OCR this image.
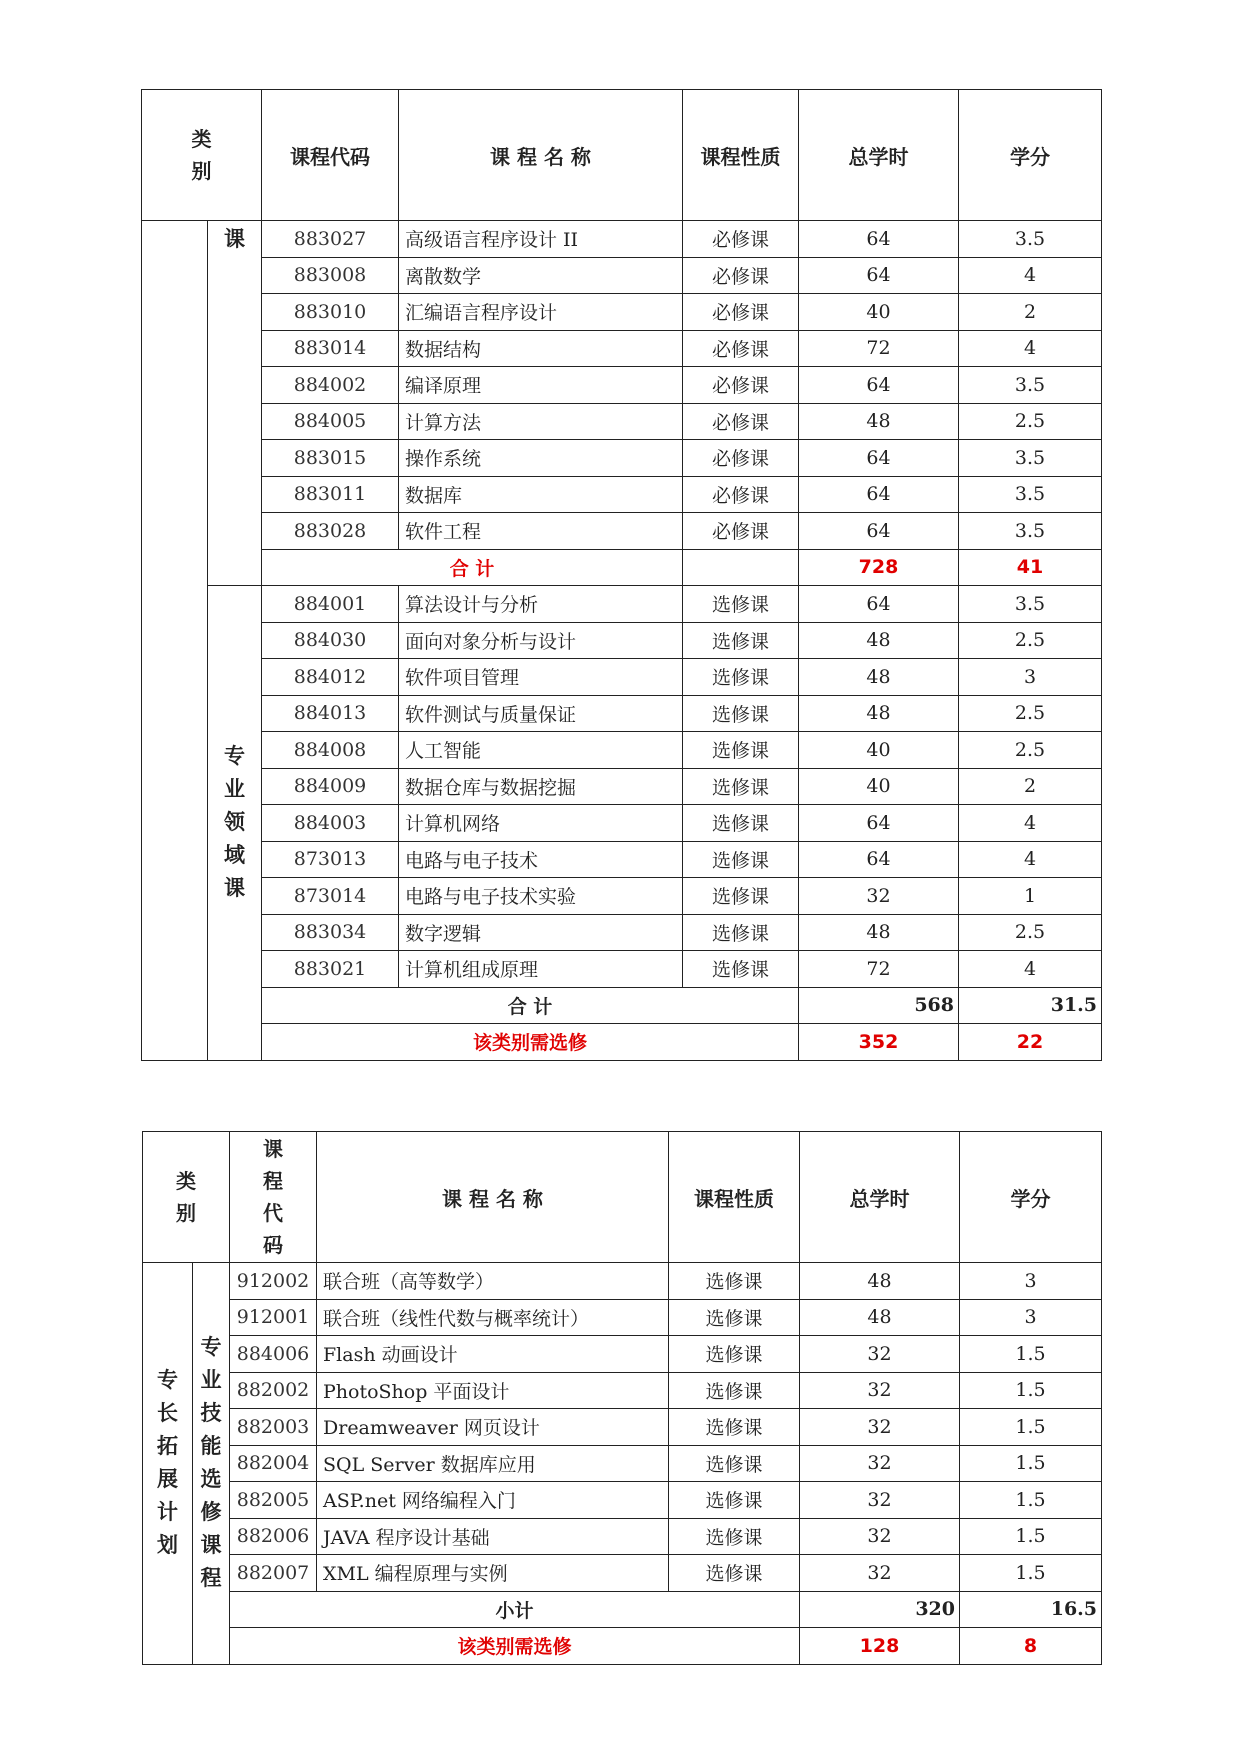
类别		课程代码	课 程 名 称	课程性质	总学时	学分
	课	883027	高级语言程序设计 II	必修课	64	3.5
		883008	离散数学	必修课	64	4
		883010	汇编语言程序设计	必修课	40	2
		883014	数据结构	必修课	72	4
		884002	编译原理	必修课	64	3.5
		884005	计算方法	必修课	48	2.5
		883015	操作系统	必修课	64	3.5
		883011	数据库	必修课	64	3.5
		883028	软件工程	必修课	64	3.5
		合 计			728	41
	专业领域课	884001	算法设计与分析	选修课	64	3.5
		884030	面向对象分析与设计	选修课	48	2.5
		884012	软件项目管理	选修课	48	3
		884013	软件测试与质量保证	选修课	48	2.5
		884008	人工智能	选修课	40	2.5
		884009	数据仓库与数据挖掘	选修课	40	2
		884003	计算机网络	选修课	64	4
		873013	电路与电子技术	选修课	64	4
		873014	电路与电子技术实验	选修课	32	1
		883034	数字逻辑	选修课	48	2.5
		883021	计算机组成原理	选修课	72	4
		合 计			568	31.5
		该类别需选修			352	22
类别		课程代码	课 程 名 称	课程性质	总学时	学分
专长拓展计划	专业技能选修课程	912002	联合班（高等数学）	选修课	48	3
		912001	联合班（线性代数与概率统计）	选修课	48	3
		884006	Flash 动画设计	选修课	32	1.5
		882002	PhotoShop 平面设计	选修课	32	1.5
		882003	Dreamweaver 网页设计	选修课	32	1.5
		882004	SQL Server 数据库应用	选修课	32	1.5
		882005	ASP.net 网络编程入门	选修课	32	1.5
		882006	JAVA 程序设计基础	选修课	32	1.5
		882007	XML 编程原理与实例	选修课	32	1.5
		小计			320	16.5
		该类别需选修			128	8
